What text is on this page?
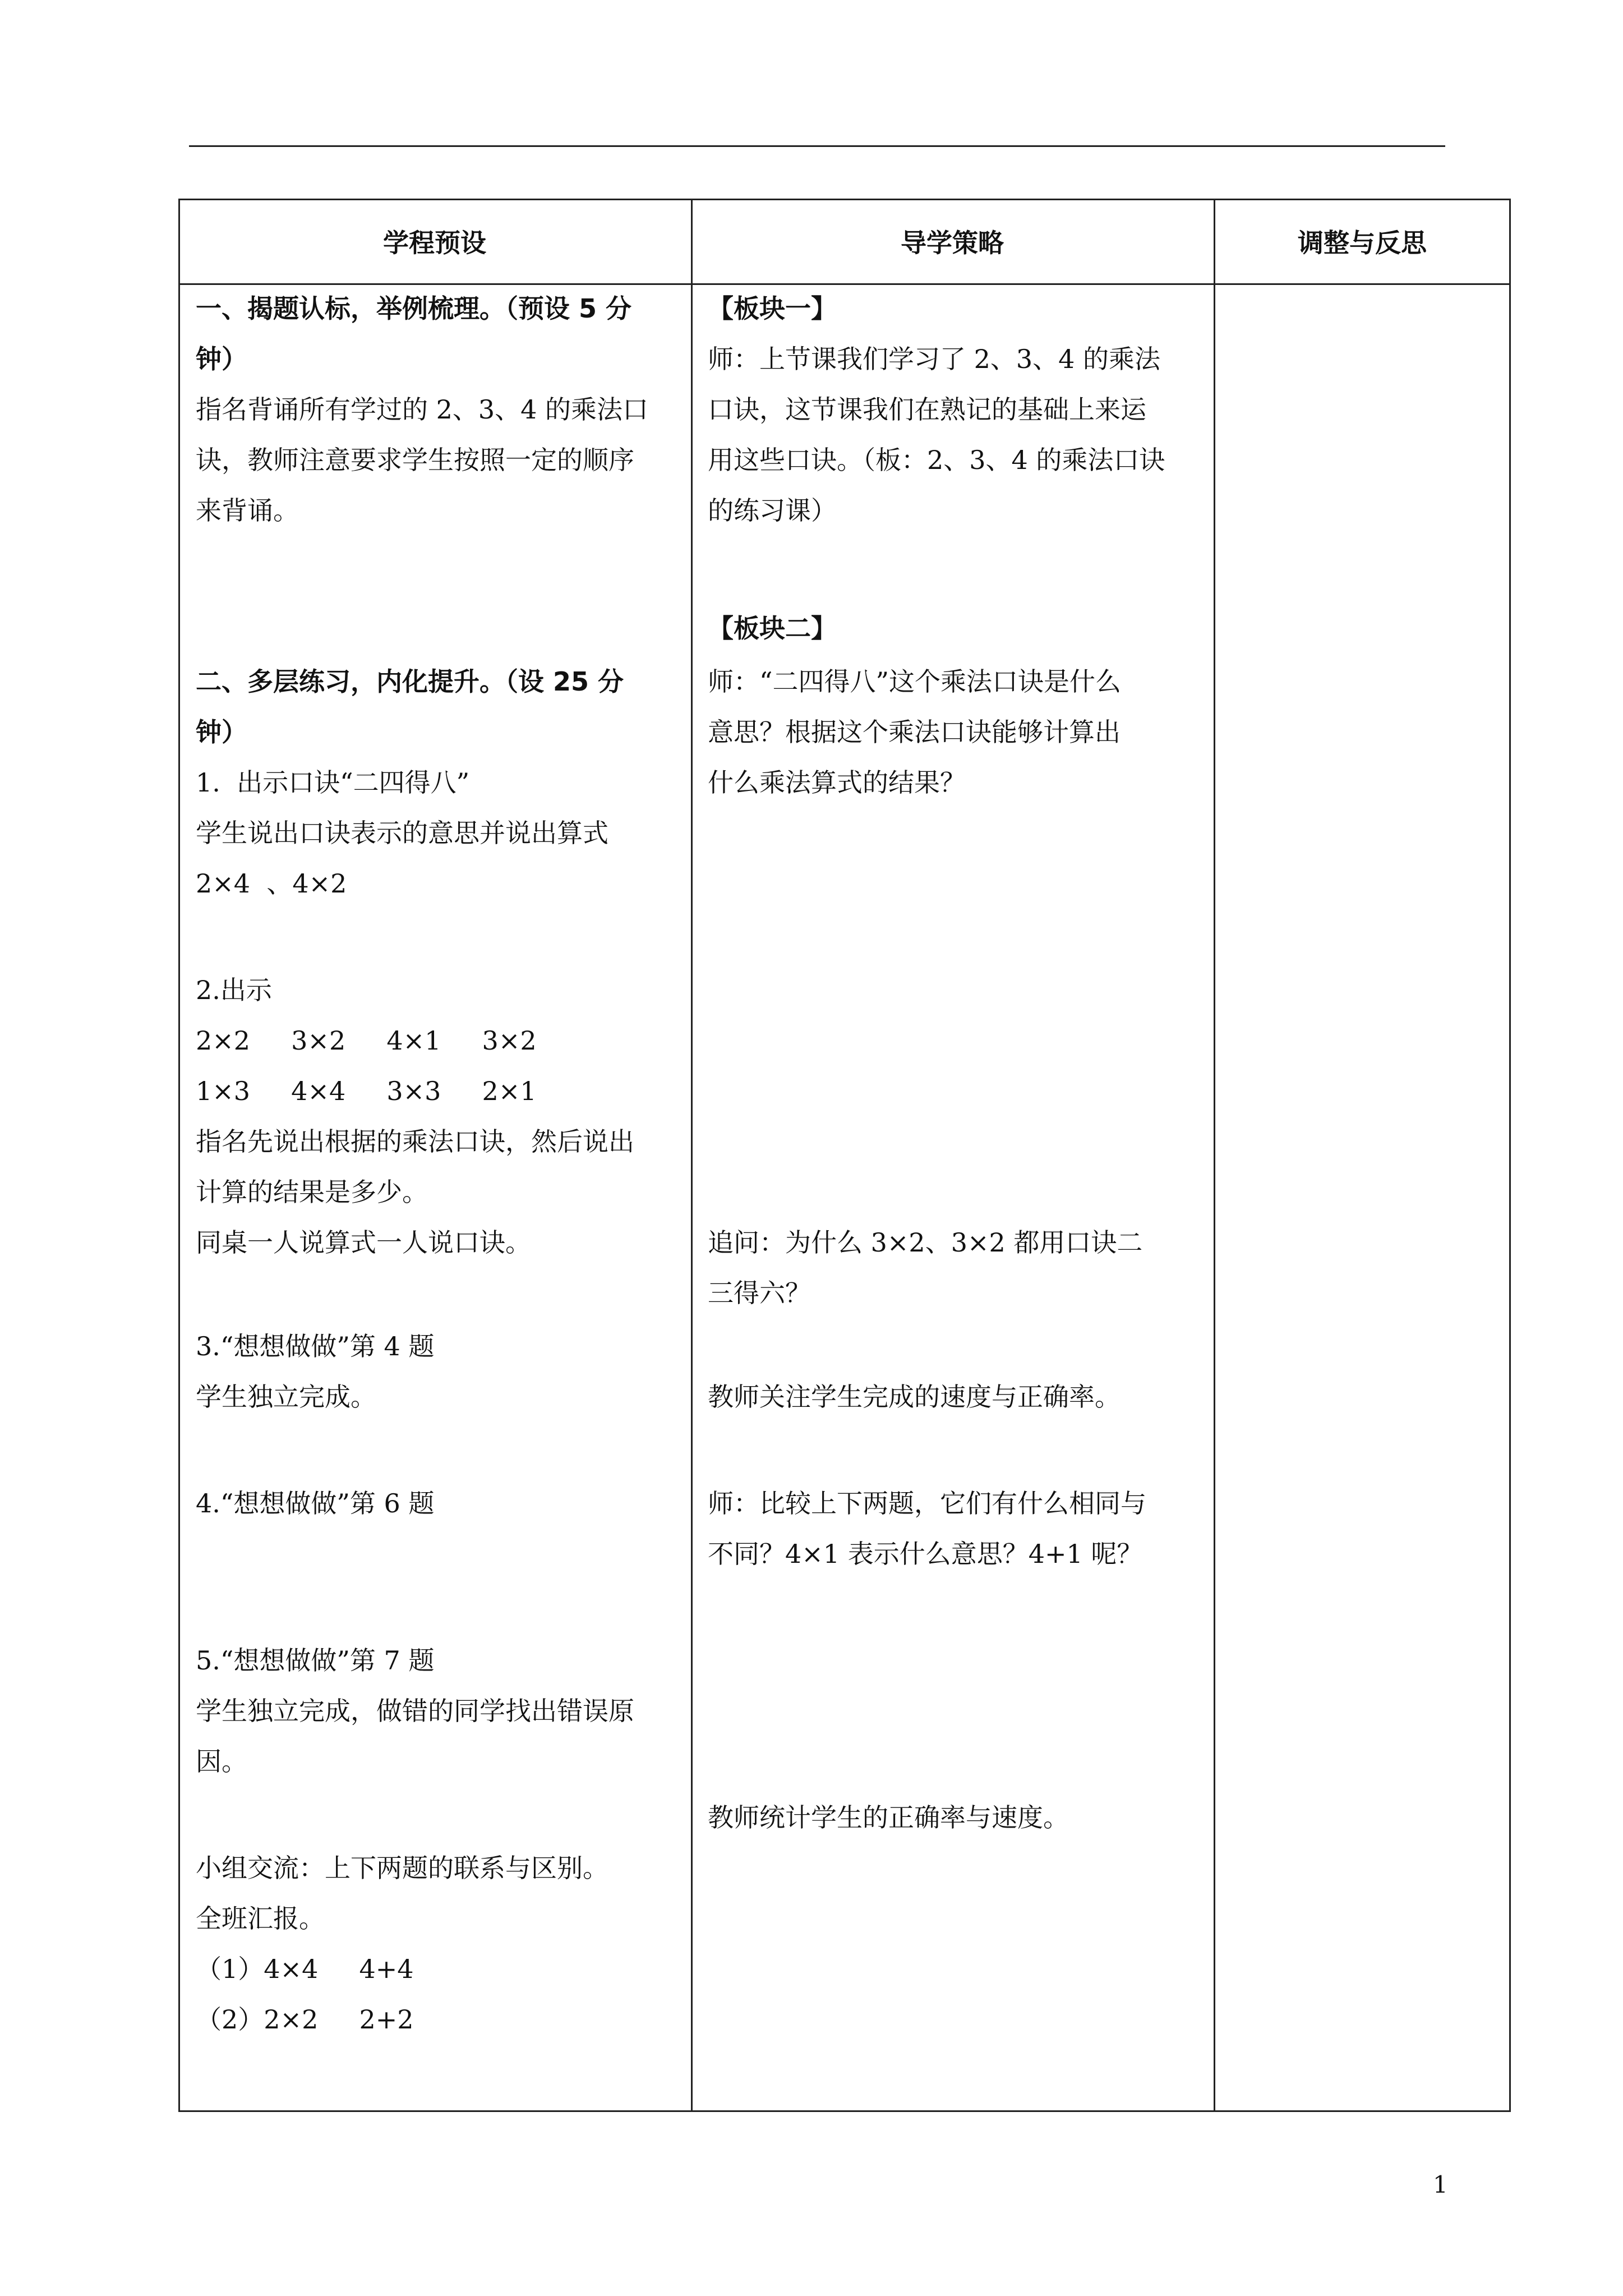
学程预设	导学策略	调整与反思
一、揭题认标，举例梳理。（预设 5 分
钟）
指名背诵所有学过的 2、3、4 的乘法口
诀，教师注意要求学生按照一定的顺序
来背诵。
二、多层练习，内化提升。（设 25 分
钟）
1.  出示口诀“二四得八”
学生说出口诀表示的意思并说出算式
2×4  、4×2
2.出示
2×2     3×2     4×1     3×2
1×3     4×4     3×3     2×1
指名先说出根据的乘法口诀，然后说出
计算的结果是多少。
同桌一人说算式一人说口诀。
3.“想想做做”第 4 题
学生独立完成。
4.“想想做做”第 6 题
5.“想想做做”第 7 题
学生独立完成，做错的同学找出错误原
因。
小组交流：上下两题的联系与区别。
全班汇报。
（1）4×4     4+4
（2）2×2     2+2
【板块一】
师：上节课我们学习了 2、3、4 的乘法
口诀，这节课我们在熟记的基础上来运
用这些口诀。（板：2、3、4 的乘法口诀
的练习课）
【板块二】
师：“二四得八”这个乘法口诀是什么
意思？根据这个乘法口诀能够计算出
什么乘法算式的结果？
追问：为什么 3×2、3×2 都用口诀二
三得六？
教师关注学生完成的速度与正确率。
师：比较上下两题，它们有什么相同与
不同？4×1 表示什么意思？4+1 呢？
教师统计学生的正确率与速度。
1
